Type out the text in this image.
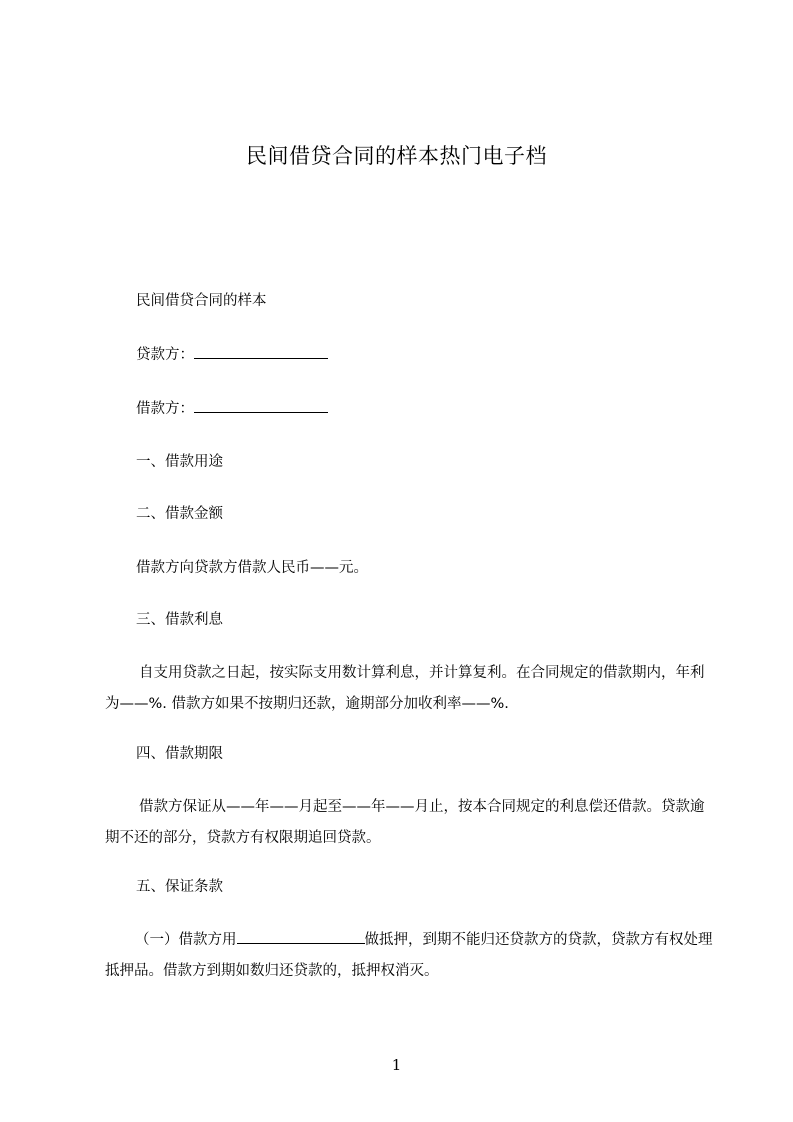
民间借贷合同的样本热门电子档
民间借贷合同的样本
贷款方：
借款方：
一、借款用途
二、借款金额
借款方向贷款方借款人民币——元。
三、借款利息
自支用贷款之日起，按实际支用数计算利息，并计算复利。在合同规定的借款期内，年利为——%. 借款方如果不按期归还款，逾期部分加收利率——%.
四、借款期限
借款方保证从——年——月起至——年——月止，按本合同规定的利息偿还借款。贷款逾期不还的部分，贷款方有权限期追回贷款。
五、保证条款
（一）借款方用	做抵押，到期不能归还贷款方的贷款，贷款方有权处理抵押品。借款方到期如数归还贷款的，抵押权消灭。
1
